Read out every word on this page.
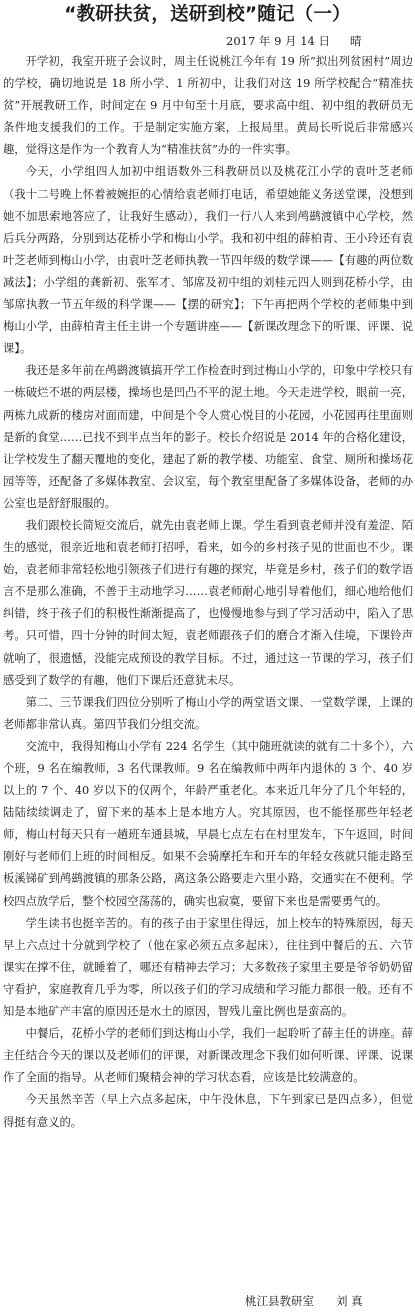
“教研扶贫，送研到校”随记（一）
2017 年 9 月 14 日 晴

开学初，我室开班子会议时，周主任说桃江今年有 19 所“拟出列贫困村”周边的学校，确切地说是 18 所小学、1 所初中，让我们对这 19 所学校配合“精准扶贫”开展教研工作，时间定在 9 月中旬至十月底，要求高中组、初中组的教研员无条件地支援我们的工作。于是制定实施方案，上报局里。黄局长听说后非常感兴趣，觉得这是作为一个教育人为“精准扶贫”办的一件实事。

今天，小学组四人加初中组语数外三科教研员以及桃花江小学的袁叶芝老师（我十二号晚上怀着被婉拒的心情给袁老师打电话，希望她能义务送堂课，没想到她不加思索地答应了，让我好生感动），我们一行八人来到鸬鹚渡镇中心学校，然后兵分两路，分别到达花桥小学和梅山小学。我和初中组的薛柏青、王小玲还有袁叶芝老师到梅山小学，由袁叶芝老师执教一节四年级的数学课——【有趣的两位数减法】；小学组的龚新初、张军才、邹席及初中组的刘桂元四人则到花桥小学，由邹席执教一节五年级的科学课——【摆的研究】；下午再把两个学校的老师集中到梅山小学，由薛柏青主任主讲一个专题讲座——【新课改理念下的听课、评课、说课】。

我还是多年前在鸬鹚渡镇搞开学工作检查时到过梅山小学的，印象中学校只有一栋破烂不堪的两层楼，操场也是凹凸不平的泥土地。今天走进学校，眼前一亮，两栋九成新的楼房对面而建，中间是个令人赏心悦目的小花园，小花园再往里面则是新的食堂……已找不到半点当年的影子。校长介绍说是 2014 年的合格化建设，让学校发生了翻天覆地的变化，建起了新的教学楼、功能室、食堂、厕所和操场花园等等，还配备了多媒体教室、会议室，每个教室里配备了多媒体设备，老师的办公室也是舒舒服服的。

我们跟校长简短交流后，就先由袁老师上课。学生看到袁老师并没有羞涩、陌生的感觉，很亲近地和袁老师打招呼，看来，如今的乡村孩子见的世面也不少。课始，袁老师非常轻松地引领孩子们进行有趣的探究，毕竟是乡村，孩子们的数学语言不是那么准确，不善于主动地学习……袁老师耐心地引导着他们，细心地给他们纠错，终于孩子们的积极性渐渐提高了，也慢慢地参与到了学习活动中，陷入了思考。只可惜，四十分钟的时间太短，袁老师跟孩子们的磨合才渐入佳境，下课铃声就响了，很遗憾，没能完成预设的教学目标。不过，通过这一节课的学习，孩子们感受到了数学的有趣，他们下课后还意犹未尽。

第二、三节课我们四位分别听了梅山小学的两堂语文课、一堂数学课，上课的老师都非常认真。第四节我们分组交流。

交流中，我得知梅山小学有 224 名学生（其中随班就读的就有二十多个），六个班，9 名在编教师，3 名代课教师。9 名在编教师中两年内退休的 3 个、40 岁以上的 7 个、40 岁以下的仅两个，年龄严重老化。本来近几年分了几个年轻的，陆陆续续调走了，留下来的基本上是本地方人。究其原因，也不能怪那些年轻老师，梅山村每天只有一趟班车通县城，早晨七点左右在村里发车，下午返回，时间刚好与老师们上班的时间相反。如果不会骑摩托车和开车的年轻女孩就只能走路至板溪锑矿到鸬鹚渡镇的那条公路，离这条公路要走六里小路，交通实在不便利。学校四点放学后，整个校园空荡荡的，确实也寂寞，要留下来也是需要勇气的。

学生读书也挺辛苦的。有的孩子由于家里住得远，加上校车的特殊原因，每天早上六点过十分就到学校了（他在家必须五点多起床），往往到中餐后的五、六节课实在撑不住，就睡着了，哪还有精神去学习；大多数孩子家里主要是爷爷奶奶留守看护，家庭教育几乎为零，所以孩子们的学习成绩和学习能力都很一般。还有不知是本地矿产丰富的原因还是水土的原因，智残儿童比例也是蛮高的。

中餐后，花桥小学的老师们到达梅山小学，我们一起聆听了薛主任的讲座。薛主任结合今天的课以及老师们的评课，对新课改理念下我们如何听课、评课、说课作了全面的指导。从老师们聚精会神的学习状态看，应该是比较满意的。

今天虽然辛苦（早上六点多起床，中午没休息，下午到家已是四点多），但觉得挺有意义的。

桃江县教研室 刘 真
